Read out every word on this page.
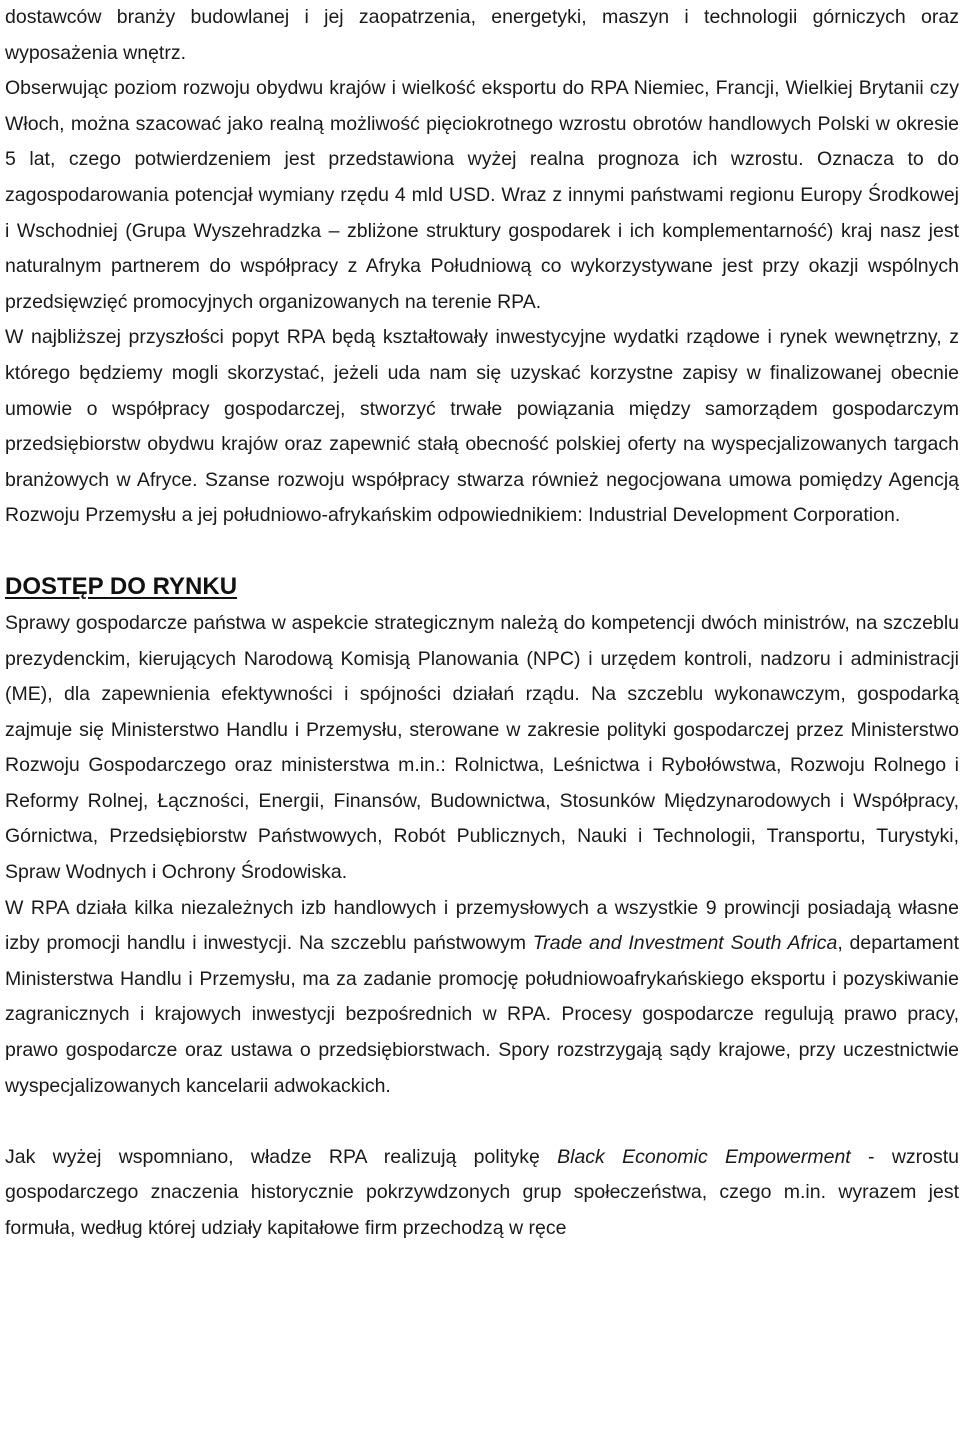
dostawców branży budowlanej i jej zaopatrzenia, energetyki, maszyn i technologii górniczych oraz wyposażenia wnętrz.

Obserwując poziom rozwoju obydwu krajów i wielkość eksportu do RPA Niemiec, Francji, Wielkiej Brytanii czy Włoch, można szacować jako realną możliwość pięciokrotnego wzrostu obrotów handlowych Polski w okresie 5 lat, czego potwierdzeniem jest przedstawiona wyżej realna prognoza ich wzrostu. Oznacza to do zagospodarowania potencjał wymiany rzędu 4 mld USD. Wraz z innymi państwami regionu Europy Środkowej i Wschodniej (Grupa Wyszehradzka – zbliżone struktury gospodarek i ich komplementarność) kraj nasz jest naturalnym partnerem do współpracy z Afryka Południową co wykorzystywane jest przy okazji wspólnych przedsięwzięć promocyjnych organizowanych na terenie RPA.

W najbliższej przyszłości popyt RPA będą kształtowały inwestycyjne wydatki rządowe i rynek wewnętrzny, z którego będziemy mogli skorzystać, jeżeli uda nam się uzyskać korzystne zapisy w finalizowanej obecnie umowie o współpracy gospodarczej, stworzyć trwałe powiązania między samorządem gospodarczym przedsiębiorstw obydwu krajów oraz zapewnić stałą obecność polskiej oferty na wyspecjalizowanych targach branżowych w Afryce. Szanse rozwoju współpracy stwarza również negocjowana umowa pomiędzy Agencją Rozwoju Przemysłu a jej południowo-afrykańskim odpowiednikiem: Industrial Development Corporation.

DOSTĘP DO RYNKU

Sprawy gospodarcze państwa w aspekcie strategicznym należą do kompetencji dwóch ministrów, na szczeblu prezydenckim, kierujących Narodową Komisją Planowania (NPC) i urzędem kontroli, nadzoru i administracji (ME), dla zapewnienia efektywności i spójności działań rządu. Na szczeblu wykonawczym, gospodarką zajmuje się Ministerstwo Handlu i Przemysłu, sterowane w zakresie polityki gospodarczej przez Ministerstwo Rozwoju Gospodarczego oraz ministerstwa m.in.: Rolnictwa, Leśnictwa i Rybołówstwa, Rozwoju Rolnego i Reformy Rolnej, Łączności, Energii, Finansów, Budownictwa, Stosunków Międzynarodowych i Współpracy, Górnictwa, Przedsiębiorstw Państwowych, Robót Publicznych, Nauki i Technologii, Transportu, Turystyki, Spraw Wodnych i Ochrony Środowiska.

W RPA działa kilka niezależnych izb handlowych i przemysłowych a wszystkie 9 prowincji posiadają własne izby promocji handlu i inwestycji. Na szczeblu państwowym Trade and Investment South Africa, departament Ministerstwa Handlu i Przemysłu, ma za zadanie promocję południowoafrykańskiego eksportu i pozyskiwanie zagranicznych i krajowych inwestycji bezpośrednich w RPA. Procesy gospodarcze regulują prawo pracy, prawo gospodarcze oraz ustawa o przedsiębiorstwach. Spory rozstrzygają sądy krajowe, przy uczestnictwie wyspecjalizowanych kancelarii adwokackich.

Jak wyżej wspomniano, władze RPA realizują politykę Black Economic Empowerment - wzrostu gospodarczego znaczenia historycznie pokrzywdzonych grup społeczeństwa, czego m.in. wyrazem jest formuła, według której udziały kapitałowe firm przechodzą w ręce
